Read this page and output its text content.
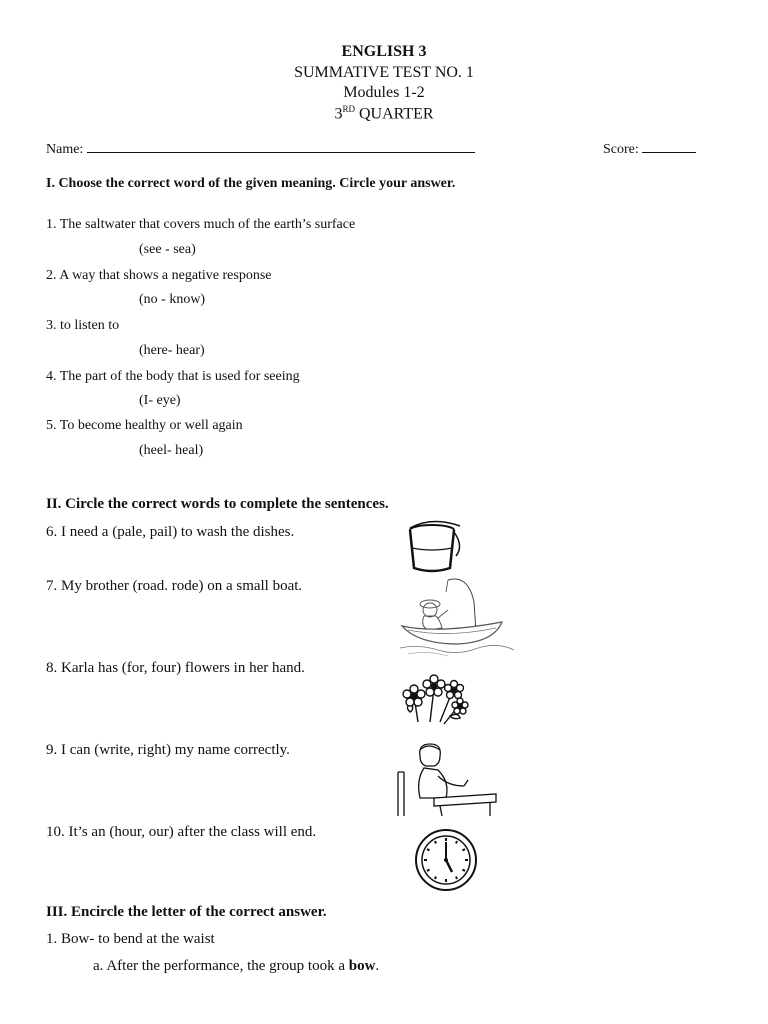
ENGLISH 3
SUMMATIVE TEST NO. 1
Modules 1-2
3RD QUARTER
Name:	Score:
I. Choose the correct word of the given meaning. Circle your answer.
1. The saltwater that covers much of the earth’s surface
(see - sea)
2. A way that shows a negative response
(no - know)
3. to listen to
(here- hear)
4. The part of the body that is used for seeing
(I- eye)
5. To become healthy or well again
(heel- heal)
II. Circle the correct words to complete the sentences.
6. I need a (pale, pail) to wash the dishes.
7. My brother (road. rode) on a small boat.
8. Karla has (for, four) flowers in her hand.
9. I can (write, right) my name correctly.
10. It’s an (hour, our) after the class will end.
III. Encircle the letter of the correct answer.
1. Bow- to bend at the waist
a. After the performance, the group took a bow.
